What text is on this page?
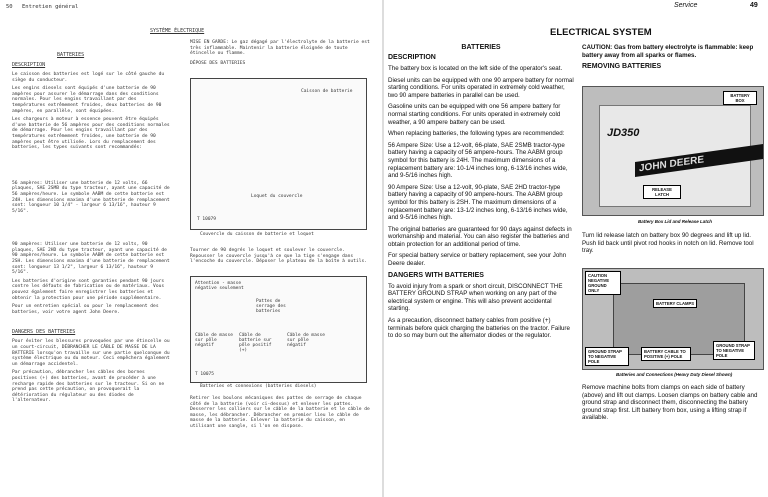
50 Entretien général
SYSTÈME ÉLECTRIQUE
BATTERIES
DESCRIPTION

Le caisson des batteries est logé sur le côté gauche du siège du conducteur.

Les engins diesels sont équipés d'une batterie de 90 ampères pour assurer le démarrage dans des conditions normales. Pour les engins travaillant par des températures extrêmement froides, deux batteries de 90 ampères, en parallèle, sont équipées.

Les chargeurs à moteur à essence peuvent être équipés d'une batterie de 56 ampères pour des conditions normales de démarrage. Pour les engins travaillant par des températures extrêmement froides, une batterie de 90 ampères peut être utilisée. Lors du remplacement des batteries, les types suivants sont recommandés:

56 ampères: Utiliser une batterie de 12 volts, 66 plaques, SAE 2SMB du type tracteur, ayant une capacité de 56 ampères/heure. Le symbole AABM de cette batterie est 24H. Les dimensions maxima d'une batterie de remplacement sont: longueur 10 1/4" - largeur 6 13/16", hauteur 9 5/16".

90 ampères: Utiliser une batterie de 12 volts, 90 plaques, SAE 2HD du type tracteur, ayant une capacité de 90 ampères/heure. Le symbole AABM de cette batterie est 2SH. Les dimensions maxima d'une batterie de remplacement sont: longueur 13 1/2", largeur 6 13/16", hauteur 9 5/16".

Les batteries d'origine sont garanties pendant 90 jours contre les défauts de fabrication ou de matériaux. Vous pouvez également faire enregistrer les batteries et obtenir la protection pour une période supplémentaire.

Pour un entretien spécial ou pour le remplacement des batteries, voir votre agent John Deere.

DANGERS DES BATTERIES

Pour éviter les blessures provoquées par une étincelle ou un court-circuit, DÉBRANCHER LE CÂBLE DE MASSE DE LA BATTERIE lorsqu'on travaille sur une partie quelconque du système électrique ou du moteur. Ceci empêchera également un démarrage accidentel.

Par précaution, débrancher les câbles des bornes positives (+) des batteries, avant de procéder à une recharge rapide des batteries sur le tracteur. Si on ne prend pas cette précaution, on provoquerait la détérioration du régulateur ou des diodes de l'alternateur.

MISE EN GARDE: Le gaz dégagé par l'électrolyte de la batterie est très inflammable. Maintenir la batterie éloignée de toute étincelle ou flamme.

DÉPOSE DES BATTERIES

Caisson de batterie
Loquet du couvercle
T 10079
Couvercle du caisson de batterie et loquet

Tourner de 90 degrés le loquet et soulever le couvercle. Repousser le couvercle jusqu'à ce que la tige s'engage dans l'encoche du couvercle. Déposer le plateau de la boîte à outils.

Attention - masse négative seulement
Pattes de serrage des batteries
Câble de masse sur pôle négatif
Câble de batterie sur pôle positif (+)
Câble de masse sur pôle négatif
T 10075
Batteries et connexions (batteries diesels)

Retirer les boulons mécaniques des pattes de serrage de chaque côté de la batterie (voir ci-dessus) et enlever les pattes. Desserrer les colliers sur le câble de la batterie et le câble de masse, les débrancher. Débrancher en premier lieu le câble de masse de la batterie. Enlever la batterie du caisson, en utilisant une sangle, si l'on en dispose.

Service	49
ELECTRICAL SYSTEM
BATTERIES
DESCRIPTION

The battery box is located on the left side of the operator's seat.

Diesel units can be equipped with one 90 ampere battery for normal starting conditions. For units operated in extremely cold weather, two 90 ampere batteries in parallel can be used.

Gasoline units can be equipped with one 56 ampere battery for normal starting conditions. For units operated in extremely cold weather, a 90 ampere battery can be used.

When replacing batteries, the following types are recommended:

56 Ampere Size: Use a 12-volt, 66-plate, SAE 2SMB tractor-type battery having a capacity of 56 ampere-hours. The AABM group symbol for this battery is 24H. The maximum dimensions of a replacement battery are: 10-1/4 inches long, 6-13/16 inches wide, and 9-5/16 inches high.

90 Ampere Size: Use a 12-volt, 90-plate, SAE 2HD tractor-type battery having a capacity of 90 ampere-hours. The AABM group symbol for this battery is 2SH. The maximum dimensions of a replacement battery are: 13-1/2 inches long, 6-13/16 inches wide, and 9-5/16 inches high.

The original batteries are guaranteed for 90 days against defects in workmanship and material. You can also register the batteries and obtain protection for an additional period of time.

For special battery service or battery replacement, see your John Deere dealer.

DANGERS WITH BATTERIES

To avoid injury from a spark or short circuit, DISCONNECT THE BATTERY GROUND STRAP when working on any part of the electrical system or engine. This will also prevent accidental starting.

As a precaution, disconnect battery cables from positive (+) terminals before quick charging the batteries on the tractor. Failure to do so may burn out the alternator diodes or the regulator.

CAUTION: Gas from battery electrolyte is flammable: keep battery away from all sparks or flames.

REMOVING BATTERIES
JD350
JOHN DEERE
BATTERY BOX
RELEASE LATCH
Battery Box Lid and Release Latch

Turn lid release latch on battery box 90 degrees and lift up lid. Push lid back until pivot rod hooks in notch on lid. Remove tool tray.

CAUTION NEGATIVE GROUND ONLY
BATTERY CLAMPS
GROUND STRAP TO NEGATIVE POLE
BATTERY CABLE TO POSITIVE (+) POLE
GROUND STRAP TO NEGATIVE POLE
Batteries and Connections (Heavy Duty Diesel Shown)

Remove machine bolts from clamps on each side of battery (above) and lift out clamps. Loosen clamps on battery cable and ground strap and disconnect them, disconnecting the battery ground strap first. Lift battery from box, using a lifting strap if available.
